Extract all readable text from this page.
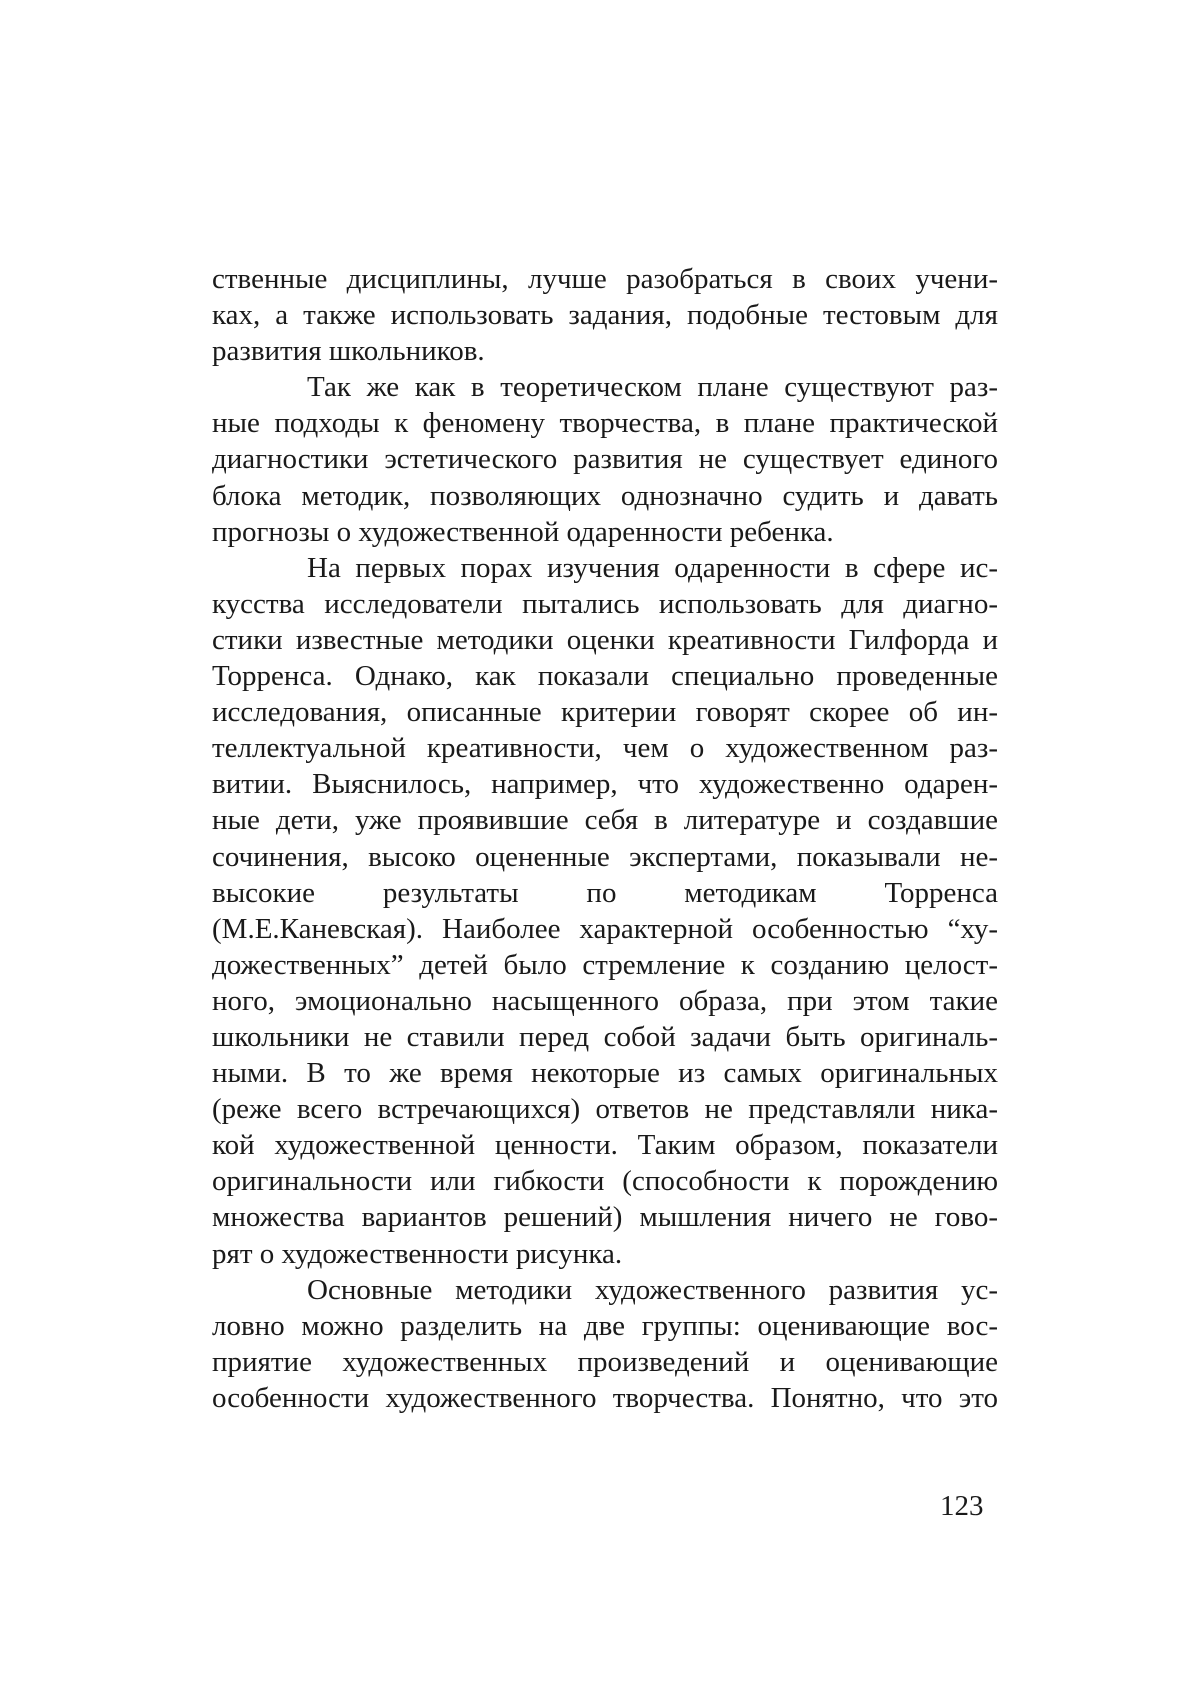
ственные дисциплины, лучше разобраться в своих учени-
ках, а также использовать задания, подобные тестовым для
развития школьников.
Так же как в теоретическом плане существуют раз-
ные подходы к феномену творчества, в плане практической
диагностики эстетического развития не существует единого
блока методик, позволяющих однозначно судить и давать
прогнозы о художественной одаренности ребенка.
На первых порах изучения одаренности в сфере ис-
кусства исследователи пытались использовать для диагно-
стики известные методики оценки креативности Гилфорда и
Торренса. Однако, как показали специально проведенные
исследования, описанные критерии говорят скорее об ин-
теллектуальной креативности, чем о художественном раз-
витии. Выяснилось, например, что художественно одарен-
ные дети, уже проявившие себя в литературе и создавшие
сочинения, высоко оцененные экспертами, показывали не-
высокие результаты по методикам Торренса
(М.Е.Каневская). Наиболее характерной особенностью “ху-
дожественных” детей было стремление к созданию целост-
ного, эмоционально насыщенного образа, при этом такие
школьники не ставили перед собой задачи быть оригиналь-
ными. В то же время некоторые из самых оригинальных
(реже всего встречающихся) ответов не представляли ника-
кой художественной ценности. Таким образом, показатели
оригинальности или гибкости (способности к порождению
множества вариантов решений) мышления ничего не гово-
рят о художественности рисунка.
Основные методики художественного развития ус-
ловно можно разделить на две группы: оценивающие вос-
приятие художественных произведений и оценивающие
особенности художественного творчества. Понятно, что это
123
